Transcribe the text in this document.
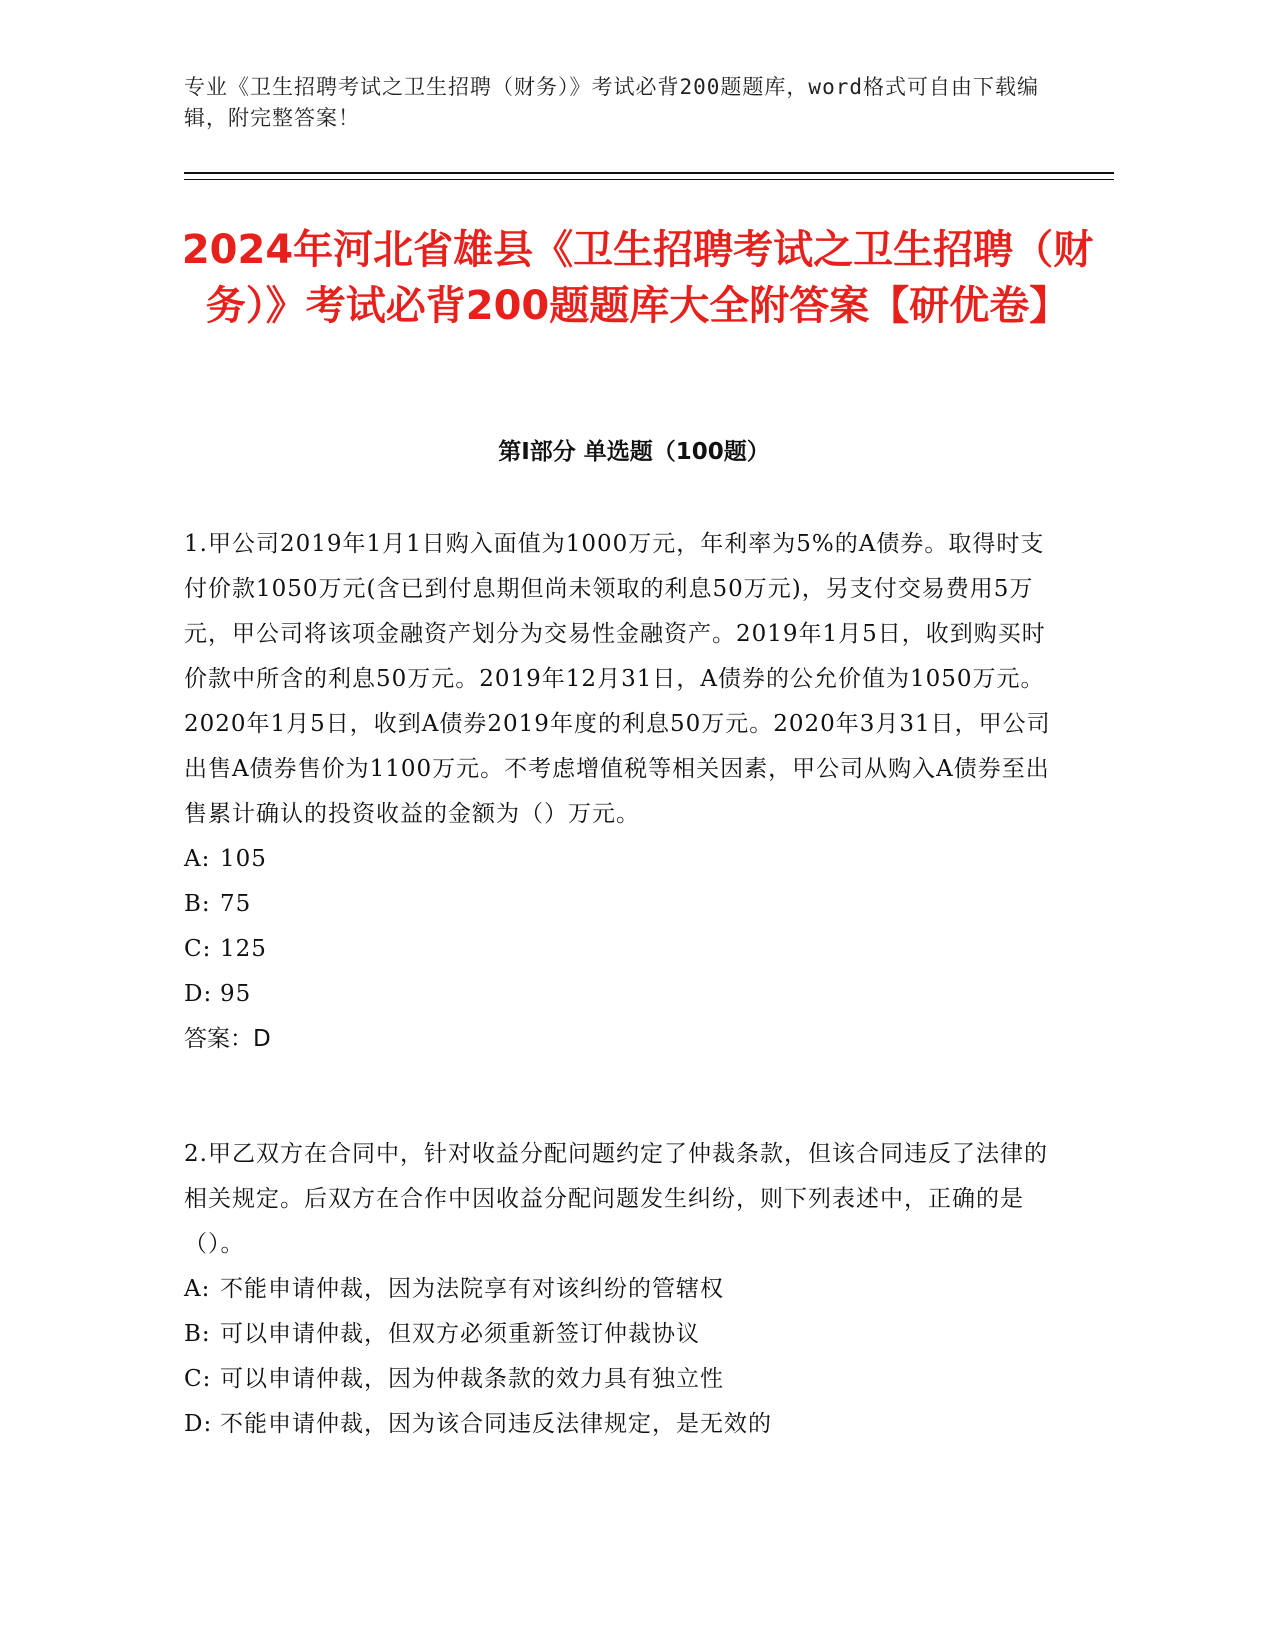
专业《卫生招聘考试之卫生招聘（财务）》考试必背200题题库，word格式可自由下载编辑，附完整答案！
2024年河北省雄县《卫生招聘考试之卫生招聘（财务）》考试必背200题题库大全附答案【研优卷】
第Ⅰ部分 单选题（100题）

1.甲公司2019年1月1日购入面值为1000万元，年利率为5%的A债券。取得时支付价款1050万元(含已到付息期但尚未领取的利息50万元)，另支付交易费用5万元，甲公司将该项金融资产划分为交易性金融资产。2019年1月5日，收到购买时价款中所含的利息50万元。2019年12月31日，A债券的公允价值为1050万元。2020年1月5日，收到A债券2019年度的利息50万元。2020年3月31日，甲公司出售A债券售价为1100万元。不考虑增值税等相关因素，甲公司从购入A债券至出售累计确认的投资收益的金额为（）万元。

A: 105
B: 75
C: 125
D: 95

答案：D

2.甲乙双方在合同中，针对收益分配问题约定了仲裁条款，但该合同违反了法律的相关规定。后双方在合作中因收益分配问题发生纠纷，则下列表述中，正确的是（）。

A: 不能申请仲裁，因为法院享有对该纠纷的管辖权
B: 可以申请仲裁，但双方必须重新签订仲裁协议
C: 可以申请仲裁，因为仲裁条款的效力具有独立性
D: 不能申请仲裁，因为该合同违反法律规定，是无效的
